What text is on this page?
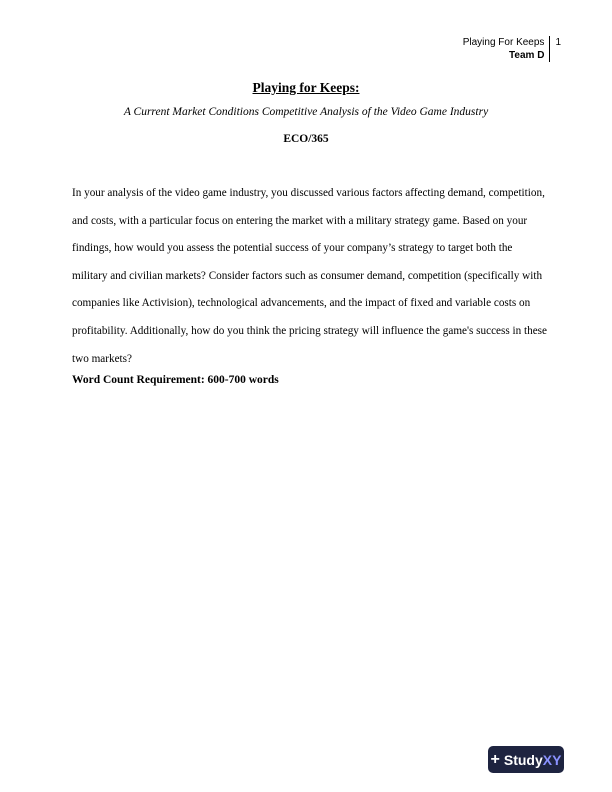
Playing For Keeps
Team D
1
Playing for Keeps:
A Current Market Conditions Competitive Analysis of the Video Game Industry
ECO/365

In your analysis of the video game industry, you discussed various factors affecting demand, competition, and costs, with a particular focus on entering the market with a military strategy game. Based on your findings, how would you assess the potential success of your company’s strategy to target both the military and civilian markets? Consider factors such as consumer demand, competition (specifically with companies like Activision), technological advancements, and the impact of fixed and variable costs on profitability. Additionally, how do you think the pricing strategy will influence the game's success in these two markets?

Word Count Requirement: 600-700 words
+ Study XY
